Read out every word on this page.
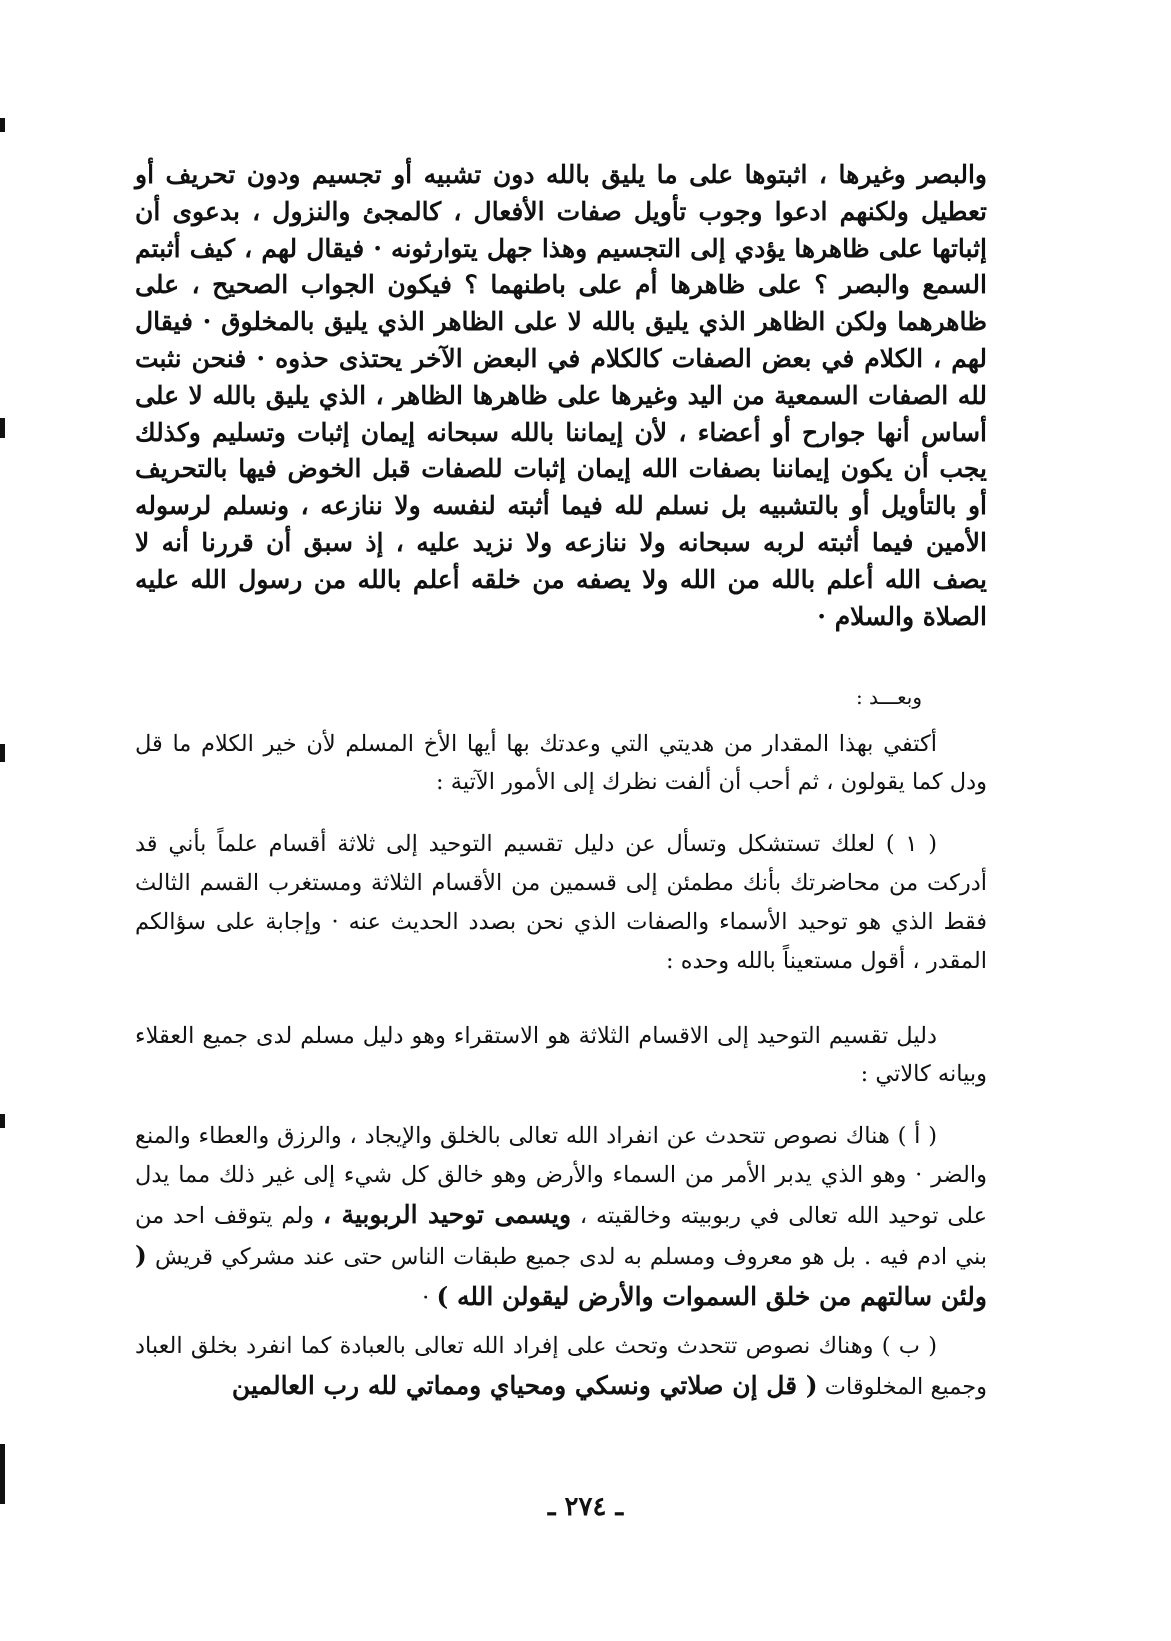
والبصر وغيرها ، اثبتوها على ما يليق بالله دون تشبيه أو تجسيم ودون تحريف أو تعطيل ولكنهم ادعوا وجوب تأويل صفات الأفعال ، كالمجئ والنزول ، بدعوى أن إثباتها على ظاهرها يؤدي إلى التجسيم وهذا جهل يتوارثونه · فيقال لهم ، كيف أثبتم السمع والبصر ؟ على ظاهرها أم على باطنهما ؟ فيكون الجواب الصحيح ، على ظاهرهما ولكن الظاهر الذي يليق بالله لا على الظاهر الذي يليق بالمخلوق · فيقال لهم ، الكلام في بعض الصفات كالكلام في البعض الآخر يحتذى حذوه · فنحن نثبت لله الصفات السمعية من اليد وغيرها على ظاهرها الظاهر ، الذي يليق بالله لا على أساس أنها جوارح أو أعضاء ، لأن إيماننا بالله سبحانه إيمان إثبات وتسليم وكذلك يجب أن يكون إيماننا بصفات الله إيمان إثبات للصفات قبل الخوض فيها بالتحريف أو بالتأويل أو بالتشبيه بل نسلم لله فيما أثبته لنفسه ولا ننازعه ، ونسلم لرسوله الأمين فيما أثبته لربه سبحانه ولا ننازعه ولا نزيد عليه ، إذ سبق أن قررنا أنه لا يصف الله أعلم بالله من الله ولا يصفه من خلقه أعلم بالله من رسول الله عليه الصلاة والسلام ·

وبعـــد :

أكتفي بهذا المقدار من هديتي التي وعدتك بها أيها الأخ المسلم لأن خير الكلام ما قل ودل كما يقولون ، ثم أحب أن ألفت نظرك إلى الأمور الآتية :

( ١ ) لعلك تستشكل وتسأل عن دليل تقسيم التوحيد إلى ثلاثة أقسام علماً بأني قد أدركت من محاضرتك بأنك مطمئن إلى قسمين من الأقسام الثلاثة ومستغرب القسم الثالث فقط الذي هو توحيد الأسماء والصفات الذي نحن بصدد الحديث عنه · وإجابة على سؤالكم المقدر ، أقول مستعيناً بالله وحده :

دليل تقسيم التوحيد إلى الاقسام الثلاثة هو الاستقراء وهو دليل مسلم لدى جميع العقلاء وبيانه كالاتي :

( أ ) هناك نصوص تتحدث عن انفراد الله تعالى بالخلق والإيجاد ، والرزق والعطاء والمنع والضر · وهو الذي يدبر الأمر من السماء والأرض وهو خالق كل شيء إلى غير ذلك مما يدل على توحيد الله تعالى في ربوبيته وخالقيته ، ويسمى توحيد الربوبية ، ولم يتوقف احد من بني ادم فيه . بل هو معروف ومسلم به لدى جميع طبقات الناس حتى عند مشركي قريش ( ولئن سالتهم من خلق السموات والأرض ليقولن الله ) ·

( ب ) وهناك نصوص تتحدث وتحث على إفراد الله تعالى بالعبادة كما انفرد بخلق العباد وجميع المخلوقات ( قل إن صلاتي ونسكي ومحياي ومماتي لله رب العالمين

ـ ٢٧٤ ـ
